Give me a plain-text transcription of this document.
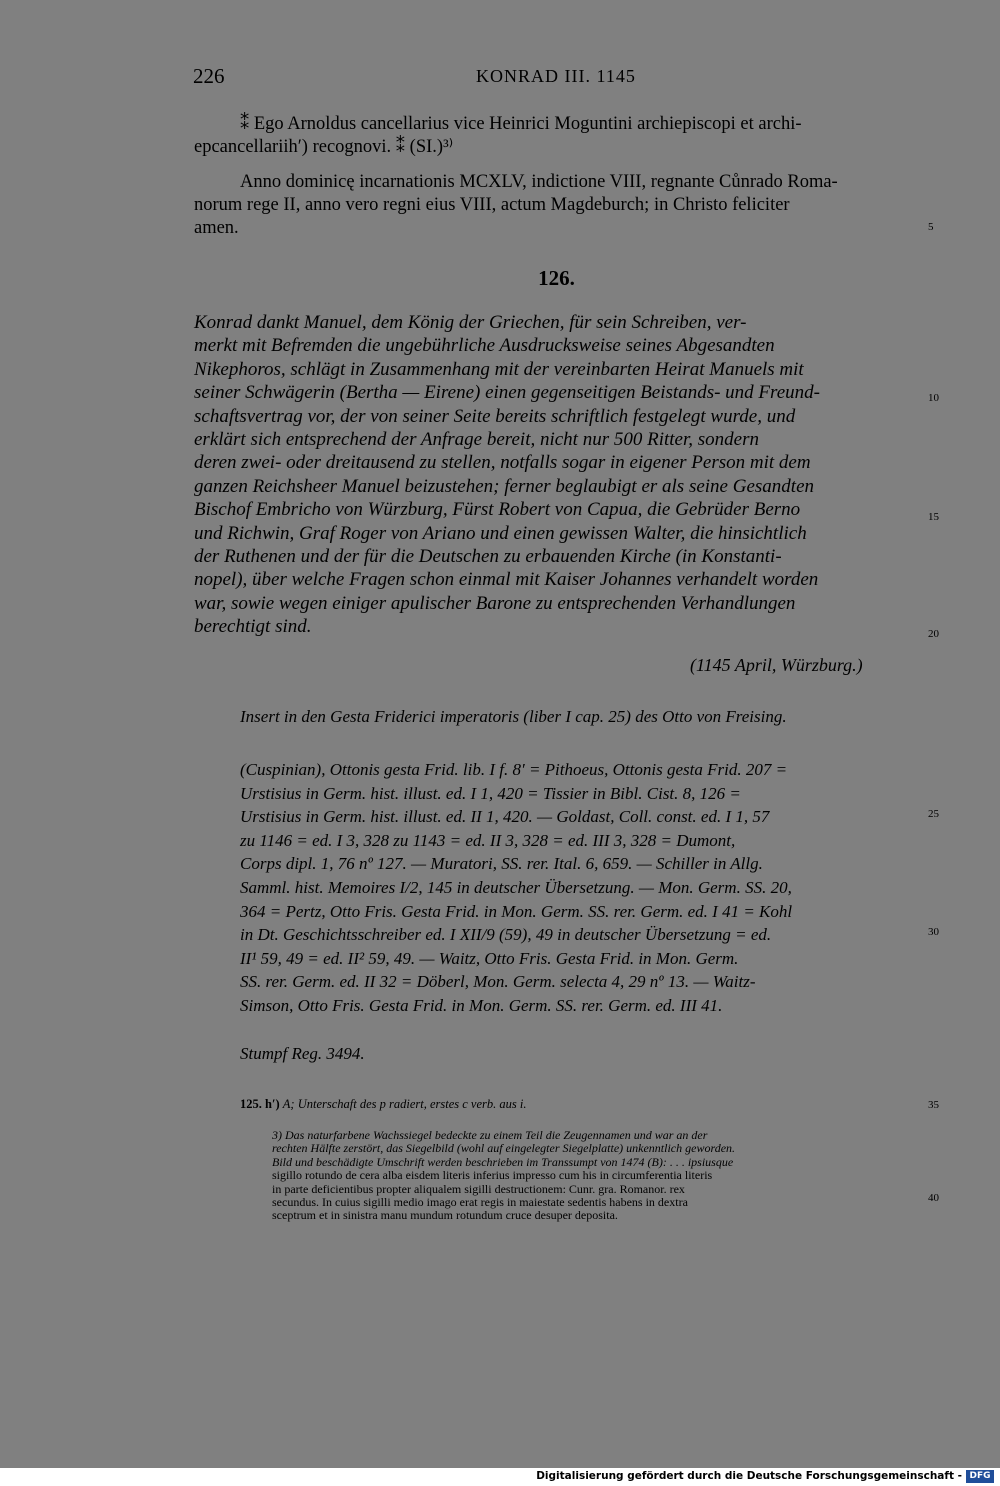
226	KONRAD III. 1145
⁑ Ego Arnoldus cancellarius vice Heinrici Moguntini archiepiscopi et archi-
epcancellariih′) recognovi. ⁑ (SI.)³⁾
Anno dominicę incarnationis MCXLV, indictione VIII, regnante Cůnrado Roma-
norum rege II, anno vero regni eius VIII, actum Magdeburch; in Christo feliciter
amen.	5
126.
Konrad dankt Manuel, dem König der Griechen, für sein Schreiben, ver-
merkt mit Befremden die ungebührliche Ausdrucksweise seines Abgesandten
Nikephoros, schlägt in Zusammenhang mit der vereinbarten Heirat Manuels mit
seiner Schwägerin (Bertha — Eirene) einen gegenseitigen Beistands- und Freund-
schaftsvertrag vor, der von seiner Seite bereits schriftlich festgelegt wurde, und
erklärt sich entsprechend der Anfrage bereit, nicht nur 500 Ritter, sondern
deren zwei- oder dreitausend zu stellen, notfalls sogar in eigener Person mit dem
ganzen Reichsheer Manuel beizustehen; ferner beglaubigt er als seine Gesandten
Bischof Embricho von Würzburg, Fürst Robert von Capua, die Gebrüder Berno
und Richwin, Graf Roger von Ariano und einen gewissen Walter, die hinsichtlich
der Ruthenen und der für die Deutschen zu erbauenden Kirche (in Konstanti-
nopel), über welche Fragen schon einmal mit Kaiser Johannes verhandelt worden
war, sowie wegen einiger apulischer Barone zu entsprechenden Verhandlungen
berechtigt sind.
10
15
20
(1145 April, Würzburg.)
Insert in den Gesta Friderici imperatoris (liber I cap. 25) des Otto von Freising.
(Cuspinian), Ottonis gesta Frid. lib. I f. 8′ = Pithoeus, Ottonis gesta Frid. 207 =
Urstisius in Germ. hist. illust. ed. I 1, 420 = Tissier in Bibl. Cist. 8, 126 =
Urstisius in Germ. hist. illust. ed. II 1, 420. — Goldast, Coll. const. ed. I 1, 57
zu 1146 = ed. I 3, 328 zu 1143 = ed. II 3, 328 = ed. III 3, 328 = Dumont,
Corps dipl. 1, 76 nº 127. — Muratori, SS. rer. Ital. 6, 659. — Schiller in Allg.
Samml. hist. Memoires I/2, 145 in deutscher Übersetzung. — Mon. Germ. SS. 20,
364 = Pertz, Otto Fris. Gesta Frid. in Mon. Germ. SS. rer. Germ. ed. I 41 = Kohl
in Dt. Geschichtsschreiber ed. I XII/9 (59), 49 in deutscher Übersetzung = ed.
II¹ 59, 49 = ed. II² 59, 49. — Waitz, Otto Fris. Gesta Frid. in Mon. Germ.
SS. rer. Germ. ed. II 32 = Döberl, Mon. Germ. selecta 4, 29 nº 13. — Waitz-
Simson, Otto Fris. Gesta Frid. in Mon. Germ. SS. rer. Germ. ed. III 41.
25
30
Stumpf Reg. 3494.
125. h′) A; Unterschaft des p radiert, erstes c verb. aus i.	35
3) Das naturfarbene Wachssiegel bedeckte zu einem Teil die Zeugennamen und war an der
rechten Hälfte zerstört, das Siegelbild (wohl auf eingelegter Siegelplatte) unkenntlich geworden.
Bild und beschädigte Umschrift werden beschrieben im Transsumpt von 1474 (B): . . . ipsiusque
sigillo rotundo de cera alba eisdem literis inferius impresso cum his in circumferentia literis
in parte deficientibus propter aliqualem sigilli destructionem: Cunr. gra. Romanor. rex
secundus. In cuius sigilli medio imago erat regis in maiestate sedentis habens in dextra
sceptrum et in sinistra manu mundum rotundum cruce desuper deposita.
40
Digitalisierung gefördert durch die Deutsche Forschungsgemeinschaft - DFG
